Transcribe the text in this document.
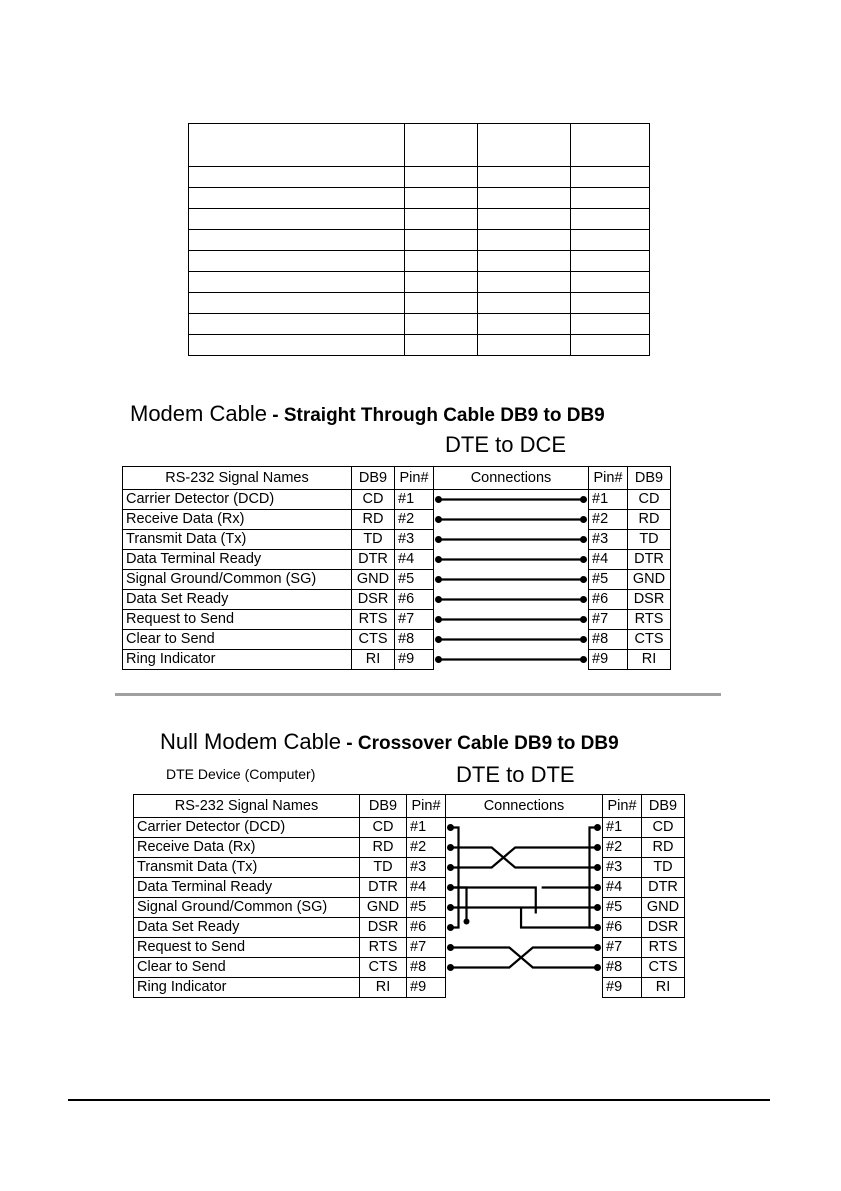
Modem Cable - Straight Through Cable DB9 to DB9
DTE to DCE
RS-232 Signal Names	DB9	Pin#	Connections	Pin#	DB9
Carrier Detector (DCD)	CD	#1		#1	CD
Receive Data (Rx)	RD	#2		#2	RD
Transmit Data (Tx)	TD	#3		#3	TD
Data Terminal Ready	DTR	#4		#4	DTR
Signal Ground/Common (SG)	GND	#5		#5	GND
Data Set Ready	DSR	#6		#6	DSR
Request to Send	RTS	#7		#7	RTS
Clear to Send	CTS	#8		#8	CTS
Ring Indicator	RI	#9		#9	RI
Null Modem Cable - Crossover Cable DB9 to DB9
DTE Device (Computer)	DTE to DTE
RS-232 Signal Names	DB9	Pin#	Connections	Pin#	DB9
Carrier Detector (DCD)	CD	#1		#1	CD
Receive Data (Rx)	RD	#2		#2	RD
Transmit Data (Tx)	TD	#3		#3	TD
Data Terminal Ready	DTR	#4		#4	DTR
Signal Ground/Common (SG)	GND	#5		#5	GND
Data Set Ready	DSR	#6		#6	DSR
Request to Send	RTS	#7		#7	RTS
Clear to Send	CTS	#8		#8	CTS
Ring Indicator	RI	#9		#9	RI
